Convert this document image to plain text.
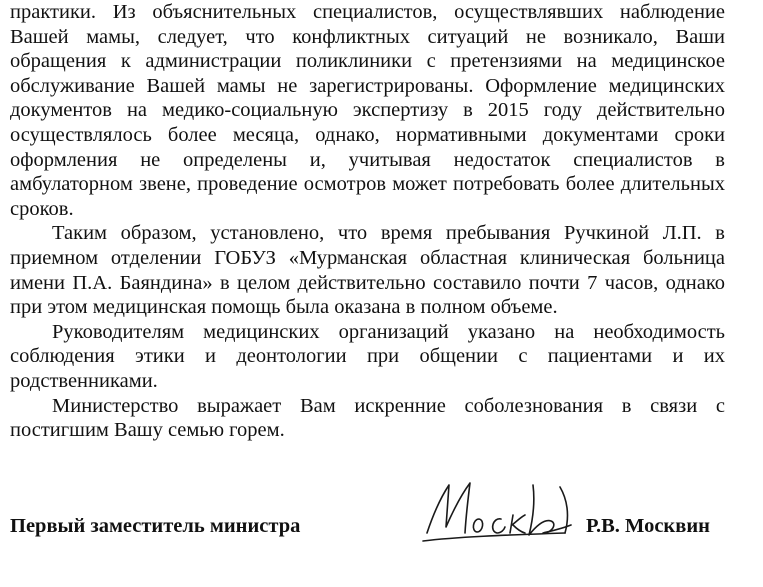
практики. Из объяснительных специалистов, осуществлявших наблюдение Вашей мамы, следует, что конфликтных ситуаций не возникало, Ваши обращения к администрации поликлиники с претензиями на медицинское обслуживание Вашей мамы не зарегистрированы. Оформление медицинских документов на медико-социальную экспертизу в 2015 году действительно осуществлялось более месяца, однако, нормативными документами сроки оформления не определены и, учитывая недостаток специалистов в амбулаторном звене, проведение осмотров может потребовать более длительных сроков.

Таким образом, установлено, что время пребывания Ручкиной Л.П. в приемном отделении ГОБУЗ «Мурманская областная клиническая больница имени П.А. Баяндина» в целом действительно составило почти 7 часов, однако при этом медицинская помощь была оказана в полном объеме.

Руководителям медицинских организаций указано на необходимость соблюдения этики и деонтологии при общении с пациентами и их родственниками.

Министерство выражает Вам искренние соболезнования в связи с постигшим Вашу семью горем.

Первый заместитель министра	Р.В. Москвин
